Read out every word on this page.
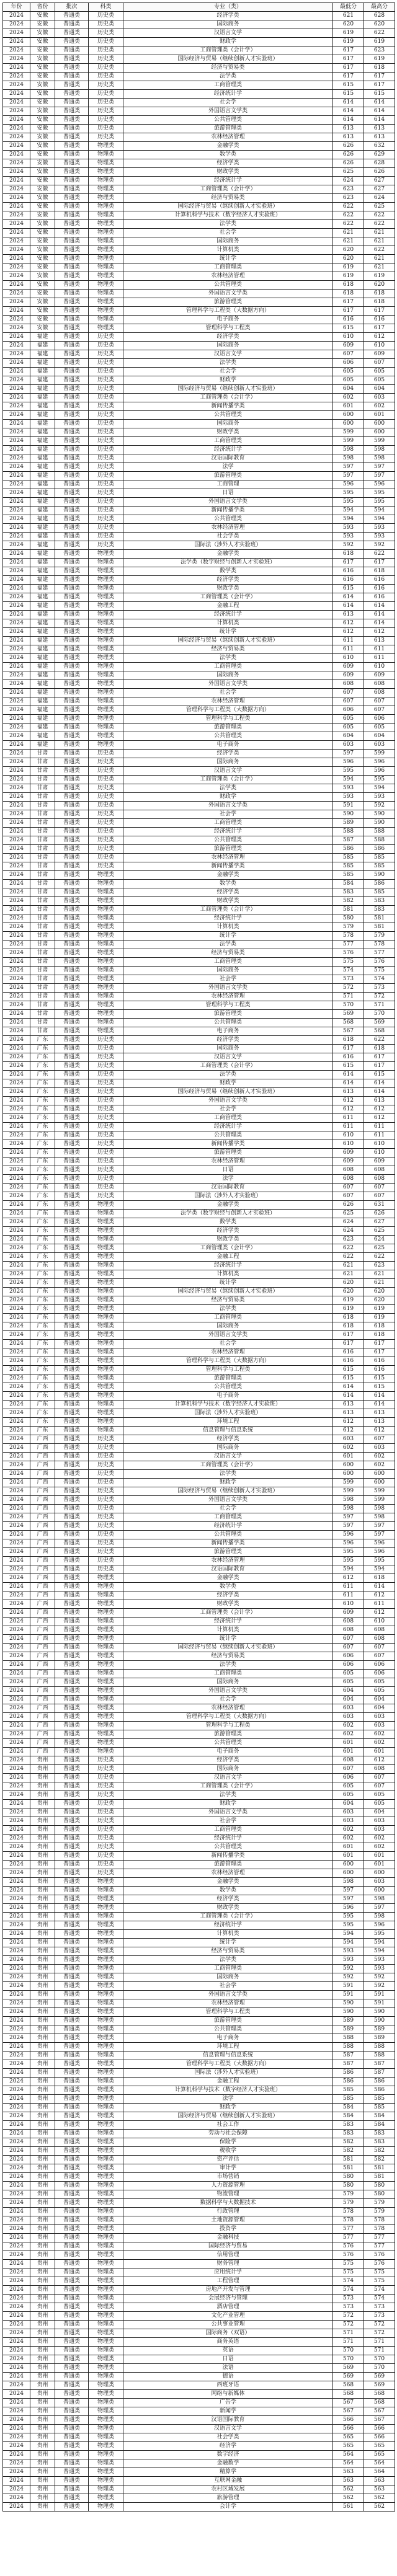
年份	省份	批次	科类	专业（类）	最低分	最高分
2024	安徽	普通类	历史类	经济学类	621	628
2024	安徽	普通类	历史类	国际商务	620	620
2024	安徽	普通类	历史类	汉语言文学	619	622
2024	安徽	普通类	历史类	财政学	619	619
2024	安徽	普通类	历史类	工商管理类（会计学）	617	623
2024	安徽	普通类	历史类	国际经济与贸易（继续创新人才实验班）	617	619
2024	安徽	普通类	历史类	经济与贸易类	617	618
2024	安徽	普通类	历史类	法学类	617	617
2024	安徽	普通类	历史类	工商管理类	615	617
2024	安徽	普通类	历史类	经济统计学	615	615
2024	安徽	普通类	历史类	社会学	614	614
2024	安徽	普通类	历史类	外国语言文学类	614	614
2024	安徽	普通类	历史类	公共管理类	614	614
2024	安徽	普通类	历史类	旅游管理类	613	613
2024	安徽	普通类	历史类	农林经济管理	613	613
2024	安徽	普通类	物理类	金融学类	626	632
2024	安徽	普通类	物理类	数学类	626	629
2024	安徽	普通类	物理类	经济学类	626	628
2024	安徽	普通类	物理类	财政学类	625	626
2024	安徽	普通类	物理类	经济统计学	624	627
2024	安徽	普通类	物理类	工商管理类（会计学）	623	627
2024	安徽	普通类	物理类	经济与贸易类	623	624
2024	安徽	普通类	物理类	国际经济与贸易（继续创新人才实验班）	622	625
2024	安徽	普通类	物理类	计算机科学与技术（数字经济人才实验班）	622	622
2024	安徽	普通类	物理类	法学类	622	622
2024	安徽	普通类	物理类	社会学	621	621
2024	安徽	普通类	物理类	国际商务	621	621
2024	安徽	普通类	物理类	计算机类	620	622
2024	安徽	普通类	物理类	统计学	620	621
2024	安徽	普通类	物理类	工商管理类	619	621
2024	安徽	普通类	物理类	农林经济管理	619	619
2024	安徽	普通类	物理类	公共管理类	618	620
2024	安徽	普通类	物理类	外国语言文学类	618	618
2024	安徽	普通类	物理类	旅游管理类	617	618
2024	安徽	普通类	物理类	管理科学与工程类（大数据方向）	617	617
2024	安徽	普通类	物理类	电子商务	616	616
2024	安徽	普通类	物理类	管理科学与工程类	615	617
2024	福建	普通类	历史类	经济学类	610	612
2024	福建	普通类	历史类	国际商务	609	610
2024	福建	普通类	历史类	汉语言文学	607	609
2024	福建	普通类	历史类	法学类	606	607
2024	福建	普通类	历史类	社会学	605	605
2024	福建	普通类	历史类	财政学	605	605
2024	福建	普通类	历史类	国际经济与贸易（继续创新人才实验班）	604	604
2024	福建	普通类	历史类	工商管理类（会计学）	602	603
2024	福建	普通类	历史类	新闻传播学类	601	602
2024	福建	普通类	历史类	公共管理类	600	601
2024	福建	普通类	历史类	国际商务	600	600
2024	福建	普通类	历史类	财政学类	599	600
2024	福建	普通类	历史类	工商管理类	599	599
2024	福建	普通类	历史类	经济统计学	598	598
2024	福建	普通类	历史类	汉语国际教育	598	598
2024	福建	普通类	历史类	法学	597	597
2024	福建	普通类	历史类	旅游管理类	597	597
2024	福建	普通类	历史类	工商管理	596	596
2024	福建	普通类	历史类	日语	595	595
2024	福建	普通类	历史类	外国语言文学类	595	595
2024	福建	普通类	历史类	新闻传播学类	594	594
2024	福建	普通类	历史类	公共管理类	594	594
2024	福建	普通类	历史类	农林经济管理	593	593
2024	福建	普通类	历史类	社会学类	593	593
2024	福建	普通类	历史类	国际法（涉外人才实验班）	592	592
2024	福建	普通类	物理类	金融学类	618	622
2024	福建	普通类	物理类	法学类（数字财经与创新人才实验班）	617	617
2024	福建	普通类	物理类	数学类	616	618
2024	福建	普通类	物理类	经济学类	616	616
2024	福建	普通类	物理类	财政学类	615	616
2024	福建	普通类	物理类	工商管理类（会计学）	614	616
2024	福建	普通类	物理类	金融工程	614	614
2024	福建	普通类	物理类	经济统计学	613	614
2024	福建	普通类	物理类	计算机类	612	614
2024	福建	普通类	物理类	统计学	612	612
2024	福建	普通类	物理类	国际经济与贸易（继续创新人才实验班）	611	613
2024	福建	普通类	物理类	经济与贸易类	611	611
2024	福建	普通类	物理类	法学类	610	611
2024	福建	普通类	物理类	工商管理类	609	610
2024	福建	普通类	物理类	国际商务	609	609
2024	福建	普通类	物理类	外国语言文学类	608	608
2024	福建	普通类	物理类	社会学	607	608
2024	福建	普通类	物理类	农林经济管理	607	607
2024	福建	普通类	物理类	管理科学与工程类（大数据方向）	606	607
2024	福建	普通类	物理类	管理科学与工程类	605	606
2024	福建	普通类	物理类	旅游管理类	605	605
2024	福建	普通类	物理类	公共管理类	604	604
2024	福建	普通类	物理类	电子商务	603	603
2024	甘肃	普通类	历史类	经济学类	597	599
2024	甘肃	普通类	历史类	国际商务	596	596
2024	甘肃	普通类	历史类	汉语言文学	595	596
2024	甘肃	普通类	历史类	工商管理类（会计学）	594	595
2024	甘肃	普通类	历史类	法学类	593	594
2024	甘肃	普通类	历史类	财政学	593	593
2024	甘肃	普通类	历史类	外国语言文学类	591	592
2024	甘肃	普通类	历史类	社会学	590	590
2024	甘肃	普通类	历史类	工商管理类	589	590
2024	甘肃	普通类	历史类	经济统计学	588	588
2024	甘肃	普通类	历史类	公共管理类	587	588
2024	甘肃	普通类	历史类	旅游管理类	586	586
2024	甘肃	普通类	历史类	农林经济管理	585	585
2024	甘肃	普通类	历史类	新闻传播学类	585	585
2024	甘肃	普通类	物理类	金融学类	585	590
2024	甘肃	普通类	物理类	数学类	584	586
2024	甘肃	普通类	物理类	经济学类	583	585
2024	甘肃	普通类	物理类	财政学类	582	583
2024	甘肃	普通类	物理类	工商管理类（会计学）	581	583
2024	甘肃	普通类	物理类	经济统计学	580	581
2024	甘肃	普通类	物理类	计算机类	579	581
2024	甘肃	普通类	物理类	统计学	578	579
2024	甘肃	普通类	物理类	法学类	577	578
2024	甘肃	普通类	物理类	经济与贸易类	576	577
2024	甘肃	普通类	物理类	工商管理类	575	576
2024	甘肃	普通类	物理类	国际商务	574	575
2024	甘肃	普通类	物理类	社会学	573	574
2024	甘肃	普通类	物理类	外国语言文学类	572	573
2024	甘肃	普通类	物理类	农林经济管理	571	572
2024	甘肃	普通类	物理类	管理科学与工程类	570	571
2024	甘肃	普通类	物理类	旅游管理类	569	570
2024	甘肃	普通类	物理类	公共管理类	568	569
2024	甘肃	普通类	物理类	电子商务	567	568
2024	广东	普通类	历史类	经济学类	618	622
2024	广东	普通类	历史类	国际商务	617	618
2024	广东	普通类	历史类	汉语言文学	616	617
2024	广东	普通类	历史类	工商管理类（会计学）	615	617
2024	广东	普通类	历史类	法学类	614	615
2024	广东	普通类	历史类	财政学	614	614
2024	广东	普通类	历史类	国际经济与贸易（继续创新人才实验班）	613	614
2024	广东	普通类	历史类	外国语言文学类	612	613
2024	广东	普通类	历史类	社会学	612	612
2024	广东	普通类	历史类	工商管理类	611	612
2024	广东	普通类	历史类	经济统计学	611	611
2024	广东	普通类	历史类	公共管理类	610	611
2024	广东	普通类	历史类	新闻传播学类	610	610
2024	广东	普通类	历史类	旅游管理类	609	610
2024	广东	普通类	历史类	农林经济管理	609	609
2024	广东	普通类	历史类	日语	608	608
2024	广东	普通类	历史类	法学	608	608
2024	广东	普通类	历史类	汉语国际教育	607	607
2024	广东	普通类	历史类	国际法（涉外人才实验班）	607	607
2024	广东	普通类	物理类	金融学类	626	631
2024	广东	普通类	物理类	法学类（数字财经与创新人才实验班）	625	626
2024	广东	普通类	物理类	数学类	624	627
2024	广东	普通类	物理类	经济学类	624	625
2024	广东	普通类	物理类	财政学类	623	624
2024	广东	普通类	物理类	工商管理类（会计学）	622	625
2024	广东	普通类	物理类	金融工程	622	622
2024	广东	普通类	物理类	经济统计学	621	623
2024	广东	普通类	物理类	计算机类	621	621
2024	广东	普通类	物理类	统计学	620	621
2024	广东	普通类	物理类	国际经济与贸易（继续创新人才实验班）	620	620
2024	广东	普通类	物理类	经济与贸易类	619	620
2024	广东	普通类	物理类	法学类	619	619
2024	广东	普通类	物理类	工商管理类	618	619
2024	广东	普通类	物理类	国际商务	618	618
2024	广东	普通类	物理类	外国语言文学类	617	618
2024	广东	普通类	物理类	社会学	617	617
2024	广东	普通类	物理类	农林经济管理	616	617
2024	广东	普通类	物理类	管理科学与工程类（大数据方向）	616	616
2024	广东	普通类	物理类	管理科学与工程类	615	616
2024	广东	普通类	物理类	旅游管理类	615	615
2024	广东	普通类	物理类	公共管理类	614	615
2024	广东	普通类	物理类	电子商务	614	614
2024	广东	普通类	物理类	计算机科学与技术（数字经济人才实验班）	613	614
2024	广东	普通类	物理类	国际法（涉外人才实验班）	613	613
2024	广东	普通类	物理类	环境工程	612	613
2024	广东	普通类	物理类	信息管理与信息系统	612	612
2024	广西	普通类	历史类	经济学类	603	607
2024	广西	普通类	历史类	国际商务	602	603
2024	广西	普通类	历史类	汉语言文学	601	602
2024	广西	普通类	历史类	工商管理类（会计学）	600	602
2024	广西	普通类	历史类	法学类	600	600
2024	广西	普通类	历史类	财政学	599	600
2024	广西	普通类	历史类	国际经济与贸易（继续创新人才实验班）	599	599
2024	广西	普通类	历史类	外国语言文学类	598	599
2024	广西	普通类	历史类	社会学	598	598
2024	广西	普通类	历史类	工商管理类	597	598
2024	广西	普通类	历史类	经济统计学	597	597
2024	广西	普通类	历史类	公共管理类	596	597
2024	广西	普通类	历史类	新闻传播学类	596	596
2024	广西	普通类	历史类	旅游管理类	595	596
2024	广西	普通类	历史类	农林经济管理	595	595
2024	广西	普通类	历史类	汉语国际教育	594	594
2024	广西	普通类	物理类	金融学类	612	618
2024	广西	普通类	物理类	数学类	611	614
2024	广西	普通类	物理类	经济学类	611	612
2024	广西	普通类	物理类	财政学类	610	611
2024	广西	普通类	物理类	工商管理类（会计学）	609	612
2024	广西	普通类	物理类	经济统计学	608	610
2024	广西	普通类	物理类	计算机类	608	608
2024	广西	普通类	物理类	统计学	607	608
2024	广西	普通类	物理类	国际经济与贸易（继续创新人才实验班）	607	607
2024	广西	普通类	物理类	经济与贸易类	606	607
2024	广西	普通类	物理类	法学类	606	606
2024	广西	普通类	物理类	工商管理类	605	606
2024	广西	普通类	物理类	国际商务	605	605
2024	广西	普通类	物理类	外国语言文学类	604	605
2024	广西	普通类	物理类	社会学	604	604
2024	广西	普通类	物理类	农林经济管理	603	604
2024	广西	普通类	物理类	管理科学与工程类（大数据方向）	603	603
2024	广西	普通类	物理类	管理科学与工程类	602	603
2024	广西	普通类	物理类	旅游管理类	602	602
2024	广西	普通类	物理类	公共管理类	601	602
2024	广西	普通类	物理类	电子商务	601	601
2024	贵州	普通类	历史类	经济学类	608	612
2024	贵州	普通类	历史类	国际商务	607	608
2024	贵州	普通类	历史类	汉语言文学	606	607
2024	贵州	普通类	历史类	工商管理类（会计学）	605	607
2024	贵州	普通类	历史类	法学类	605	605
2024	贵州	普通类	历史类	财政学	604	605
2024	贵州	普通类	历史类	外国语言文学类	603	604
2024	贵州	普通类	历史类	社会学	603	603
2024	贵州	普通类	历史类	工商管理类	602	603
2024	贵州	普通类	历史类	经济统计学	602	602
2024	贵州	普通类	历史类	公共管理类	601	602
2024	贵州	普通类	历史类	新闻传播学类	601	601
2024	贵州	普通类	历史类	旅游管理类	600	601
2024	贵州	普通类	历史类	农林经济管理	600	600
2024	贵州	普通类	物理类	金融学类	598	603
2024	贵州	普通类	物理类	数学类	597	600
2024	贵州	普通类	物理类	经济学类	597	598
2024	贵州	普通类	物理类	财政学类	596	597
2024	贵州	普通类	物理类	工商管理类（会计学）	595	598
2024	贵州	普通类	物理类	经济统计学	595	596
2024	贵州	普通类	物理类	计算机类	594	595
2024	贵州	普通类	物理类	统计学	594	594
2024	贵州	普通类	物理类	经济与贸易类	593	594
2024	贵州	普通类	物理类	法学类	593	593
2024	贵州	普通类	物理类	工商管理类	592	593
2024	贵州	普通类	物理类	国际商务	592	592
2024	贵州	普通类	物理类	社会学	591	592
2024	贵州	普通类	物理类	外国语言文学类	591	591
2024	贵州	普通类	物理类	农林经济管理	590	591
2024	贵州	普通类	物理类	管理科学与工程类	590	590
2024	贵州	普通类	物理类	旅游管理类	589	590
2024	贵州	普通类	物理类	公共管理类	589	589
2024	贵州	普通类	物理类	电子商务	588	589
2024	贵州	普通类	物理类	环境工程	588	588
2024	贵州	普通类	物理类	信息管理与信息系统	587	588
2024	贵州	普通类	物理类	管理科学与工程类（大数据方向）	587	587
2024	贵州	普通类	物理类	国际法（涉外人才实验班）	586	587
2024	贵州	普通类	物理类	金融工程	586	586
2024	贵州	普通类	物理类	计算机科学与技术（数字经济人才实验班）	585	586
2024	贵州	普通类	物理类	法学	585	585
2024	贵州	普通类	物理类	财政学	584	585
2024	贵州	普通类	物理类	国际经济与贸易（继续创新人才实验班）	584	584
2024	贵州	普通类	物理类	社会工作	583	584
2024	贵州	普通类	物理类	劳动与社会保障	583	583
2024	贵州	普通类	物理类	保险学	582	583
2024	贵州	普通类	物理类	税收学	582	582
2024	贵州	普通类	物理类	资产评估	581	582
2024	贵州	普通类	物理类	审计学	581	581
2024	贵州	普通类	物理类	市场营销	580	581
2024	贵州	普通类	物理类	人力资源管理	580	580
2024	贵州	普通类	物理类	物流管理	579	580
2024	贵州	普通类	物理类	数据科学与大数据技术	579	579
2024	贵州	普通类	物理类	行政管理	578	579
2024	贵州	普通类	物理类	土地资源管理	578	578
2024	贵州	普通类	物理类	投资学	577	578
2024	贵州	普通类	物理类	金融科技	577	577
2024	贵州	普通类	物理类	国际经济与贸易	576	577
2024	贵州	普通类	物理类	信用管理	576	576
2024	贵州	普通类	物理类	财务管理	575	576
2024	贵州	普通类	物理类	应用统计学	575	575
2024	贵州	普通类	物理类	工程管理	574	575
2024	贵州	普通类	物理类	房地产开发与管理	574	574
2024	贵州	普通类	物理类	会展经济与管理	573	574
2024	贵州	普通类	物理类	酒店管理	573	573
2024	贵州	普通类	物理类	文化产业管理	572	573
2024	贵州	普通类	物理类	公共事业管理	572	572
2024	贵州	普通类	物理类	国际商务（双语）	571	572
2024	贵州	普通类	物理类	商务英语	571	571
2024	贵州	普通类	物理类	英语	570	571
2024	贵州	普通类	物理类	日语	570	570
2024	贵州	普通类	物理类	法语	569	570
2024	贵州	普通类	物理类	德语	569	569
2024	贵州	普通类	物理类	西班牙语	568	569
2024	贵州	普通类	物理类	网络与新媒体	568	568
2024	贵州	普通类	物理类	广告学	567	568
2024	贵州	普通类	物理类	新闻学	567	567
2024	贵州	普通类	物理类	汉语国际教育	566	567
2024	贵州	普通类	物理类	汉语言文学	566	566
2024	贵州	普通类	物理类	社会学类	565	566
2024	贵州	普通类	物理类	经济学	565	565
2024	贵州	普通类	物理类	数字经济	564	565
2024	贵州	普通类	物理类	金融数学	564	564
2024	贵州	普通类	物理类	精算学	563	564
2024	贵州	普通类	物理类	互联网金融	563	563
2024	贵州	普通类	物理类	农村区域发展	562	563
2024	贵州	普通类	物理类	旅游管理	562	562
2024	贵州	普通类	物理类	会计学	561	562
